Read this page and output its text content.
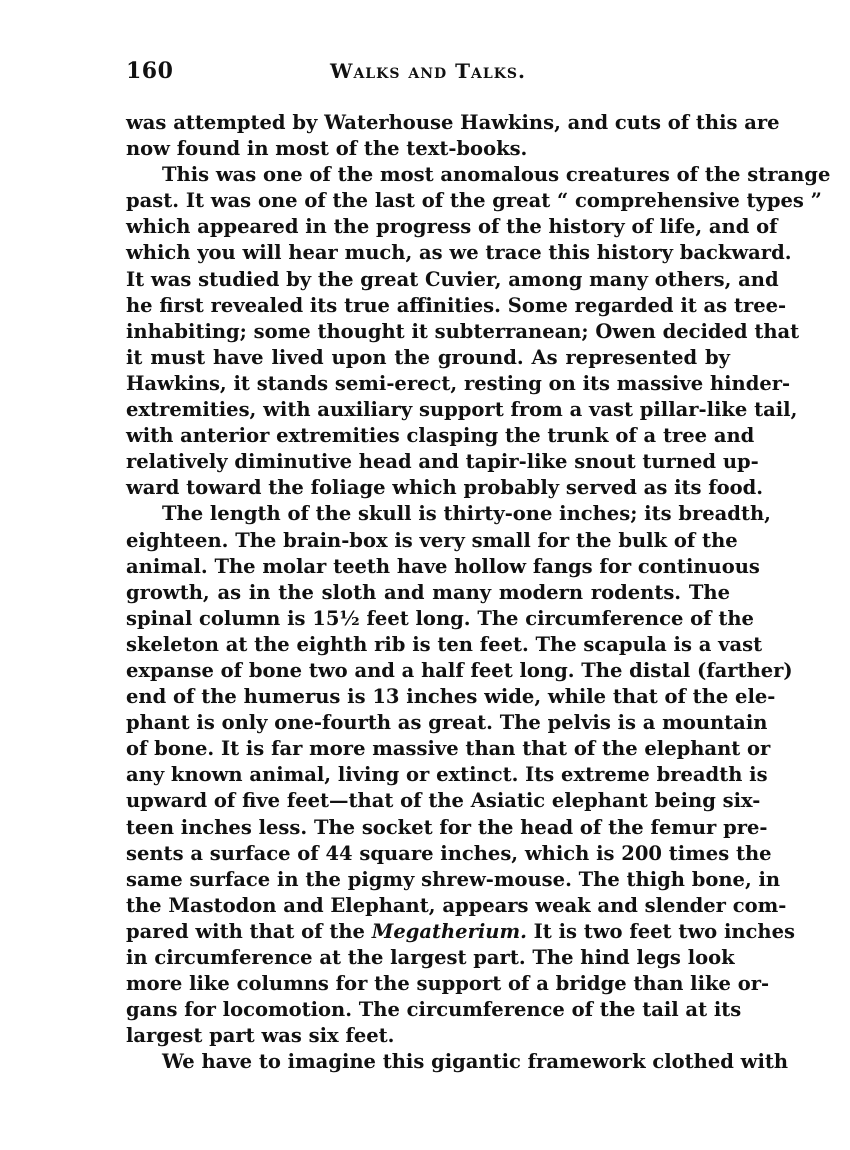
160	Walks and Talks.
was attempted by Waterhouse Hawkins, and cuts of this are
now found in most of the text-books.
This was one of the most anomalous creatures of the strange
past. It was one of the last of the great “ comprehensive types ”
which appeared in the progress of the history of life, and of
which you will hear much, as we trace this history backward.
It was studied by the great Cuvier, among many others, and
he first revealed its true affinities. Some regarded it as tree-
inhabiting; some thought it subterranean; Owen decided that
it must have lived upon the ground. As represented by
Hawkins, it stands semi-erect, resting on its massive hinder-
extremities, with auxiliary support from a vast pillar-like tail,
with anterior extremities clasping the trunk of a tree and
relatively diminutive head and tapir-like snout turned up-
ward toward the foliage which probably served as its food.
The length of the skull is thirty-one inches; its breadth,
eighteen. The brain-box is very small for the bulk of the
animal. The molar teeth have hollow fangs for continuous
growth, as in the sloth and many modern rodents. The
spinal column is 15½ feet long. The circumference of the
skeleton at the eighth rib is ten feet. The scapula is a vast
expanse of bone two and a half feet long. The distal (farther)
end of the humerus is 13 inches wide, while that of the ele-
phant is only one-fourth as great. The pelvis is a mountain
of bone. It is far more massive than that of the elephant or
any known animal, living or extinct. Its extreme breadth is
upward of five feet—that of the Asiatic elephant being six-
teen inches less. The socket for the head of the femur pre-
sents a surface of 44 square inches, which is 200 times the
same surface in the pigmy shrew-mouse. The thigh bone, in
the Mastodon and Elephant, appears weak and slender com-
pared with that of the Megatherium. It is two feet two inches
in circumference at the largest part. The hind legs look
more like columns for the support of a bridge than like or-
gans for locomotion. The circumference of the tail at its
largest part was six feet.
We have to imagine this gigantic framework clothed with
